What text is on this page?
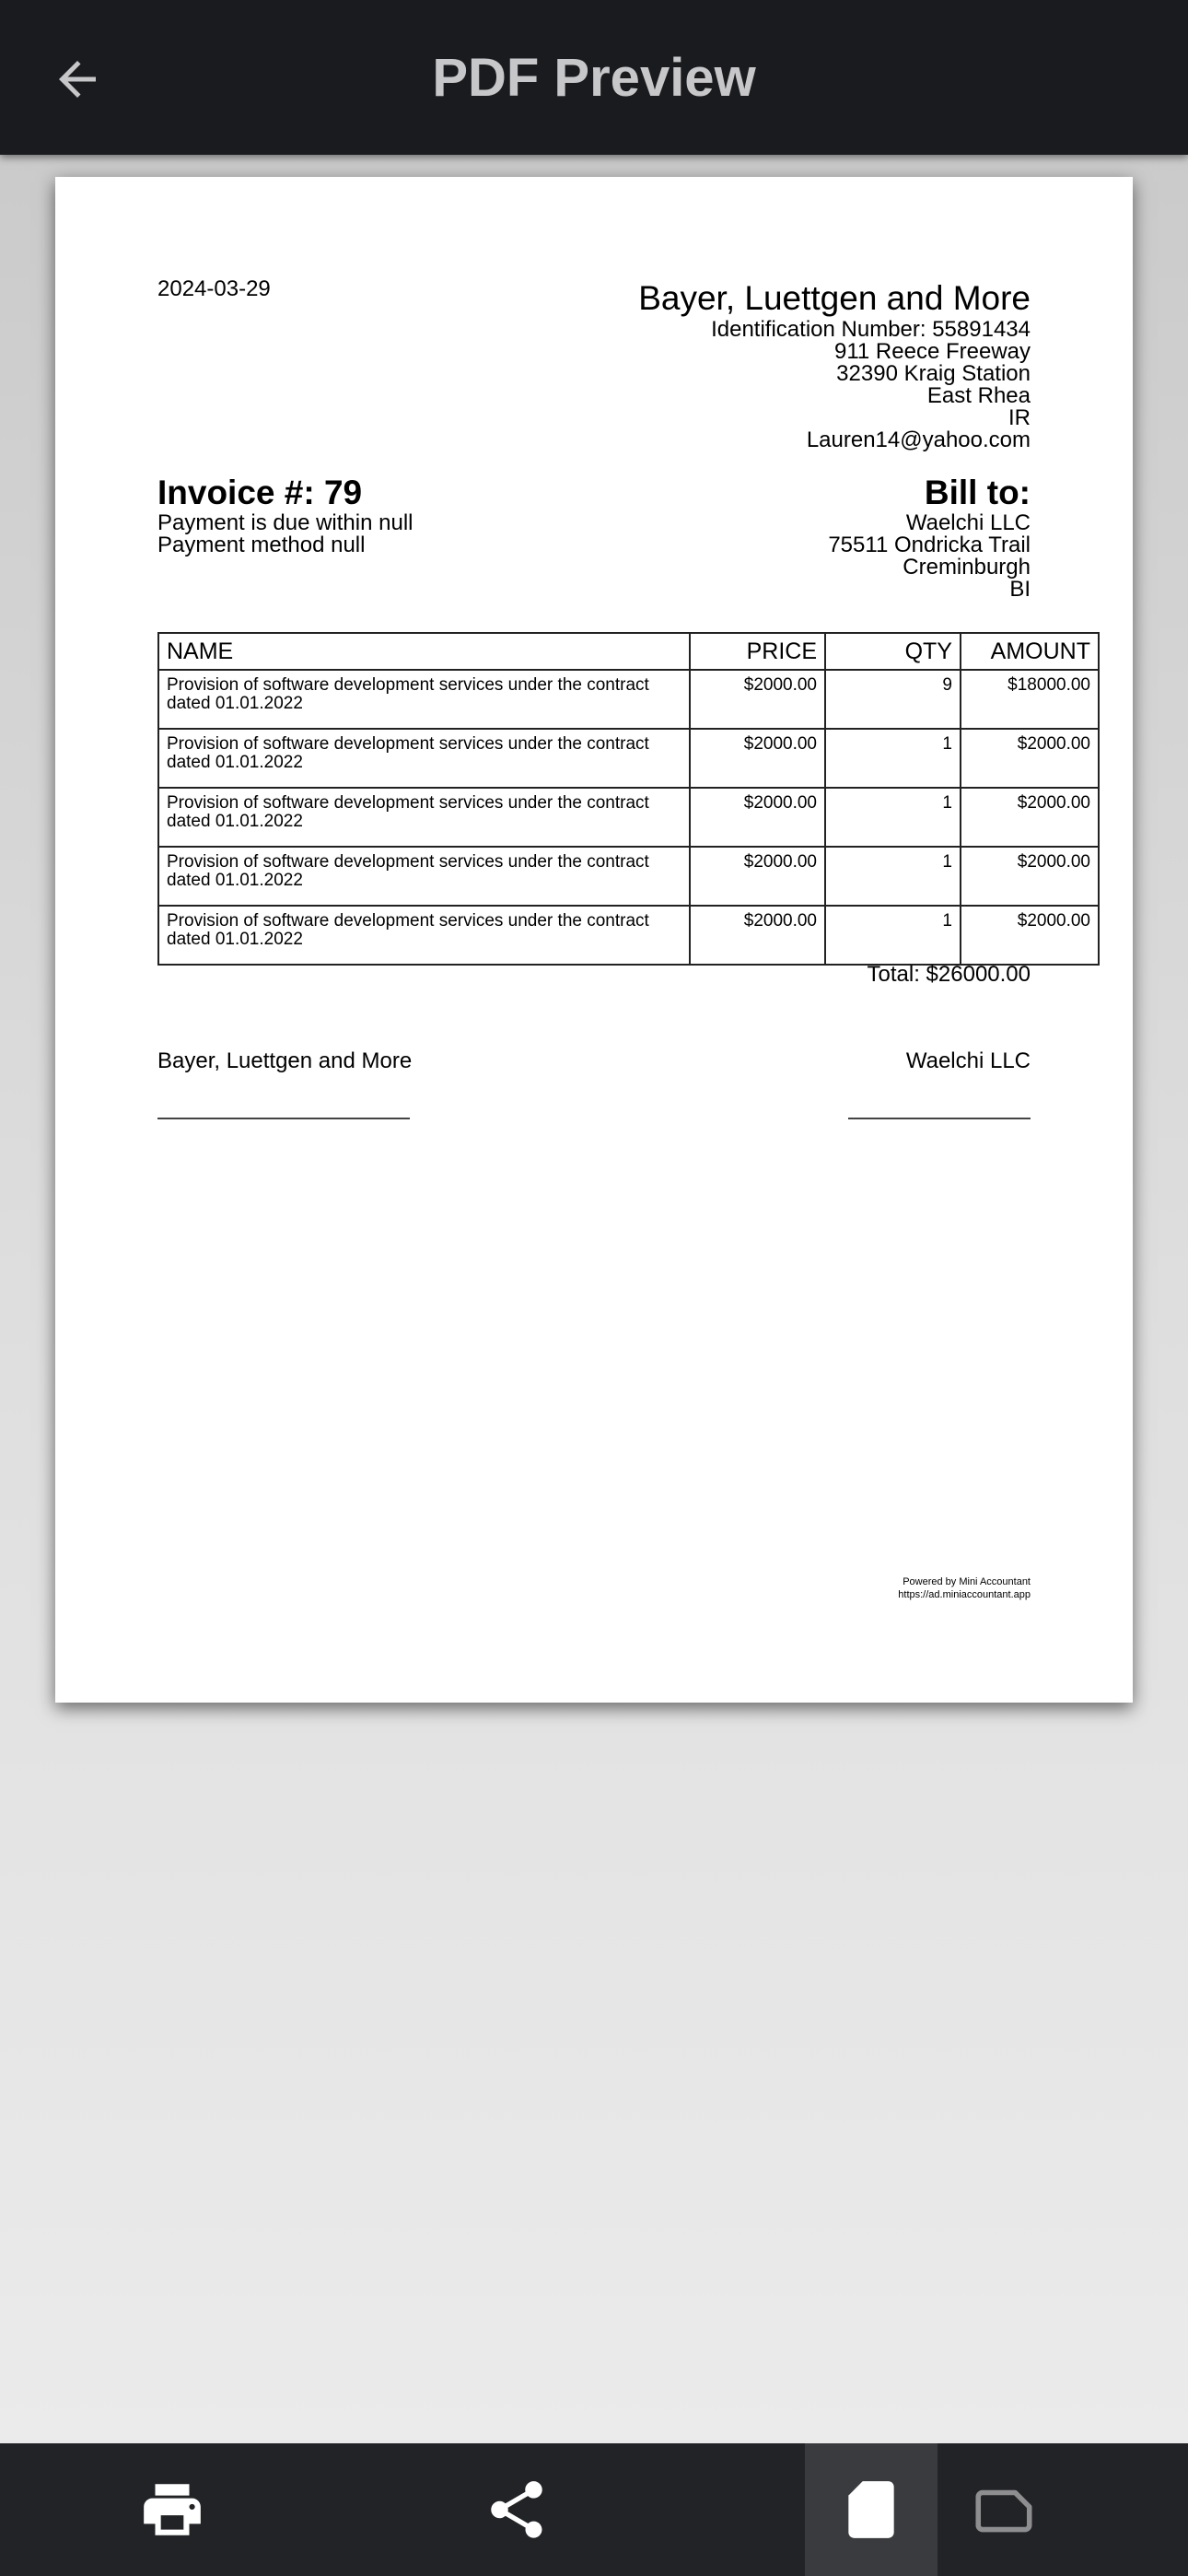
PDF Preview
2024-03-29	Bayer, Luettgen and More
Identification Number: 55891434
911 Reece Freeway
32390 Kraig Station
East Rhea
IR
Lauren14@yahoo.com
Invoice #: 79
Payment is due within null
Payment method null
Bill to:
Waelchi LLC
75511 Ondricka Trail
Creminburgh
BI
NAME	PRICE	QTY	AMOUNT
Provision of software development services under the contract dated 01.01.2022	$2000.00	9	$18000.00
Provision of software development services under the contract dated 01.01.2022	$2000.00	1	$2000.00
Provision of software development services under the contract dated 01.01.2022	$2000.00	1	$2000.00
Provision of software development services under the contract dated 01.01.2022	$2000.00	1	$2000.00
Provision of software development services under the contract dated 01.01.2022	$2000.00	1	$2000.00
Total: $26000.00
Bayer, Luettgen and More	Waelchi LLC
Powered by Mini Accountant
https://ad.miniaccountant.app
